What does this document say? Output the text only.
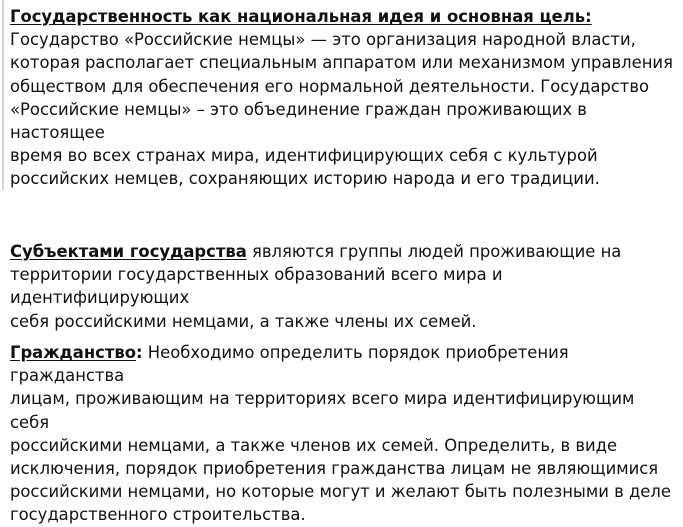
Государственность как национальная идея и основная цель:
Государство «Российские немцы» — это организация народной власти,
которая располагает специальным аппаратом или механизмом управления
обществом для обеспечения его нормальной деятельности. Государство
«Российские немцы» – это объединение граждан проживающих в настоящее
время во всех странах мира, идентифицирующих себя с культурой
российских немцев, сохраняющих историю народа и его традиции.
Субъектами государства являются группы людей проживающие на
территории государственных образований всего мира и идентифицирующих
себя российскими немцами, а также члены их семей.
Гражданство: Необходимо определить порядок приобретения гражданства
лицам, проживающим на территориях всего мира идентифицирующим себя
российскими немцами, а также членов их семей. Определить, в виде
исключения, порядок приобретения гражданства лицам не являющимися
российскими немцами, но которые могут и желают быть полезными в деле
государственного строительства.
